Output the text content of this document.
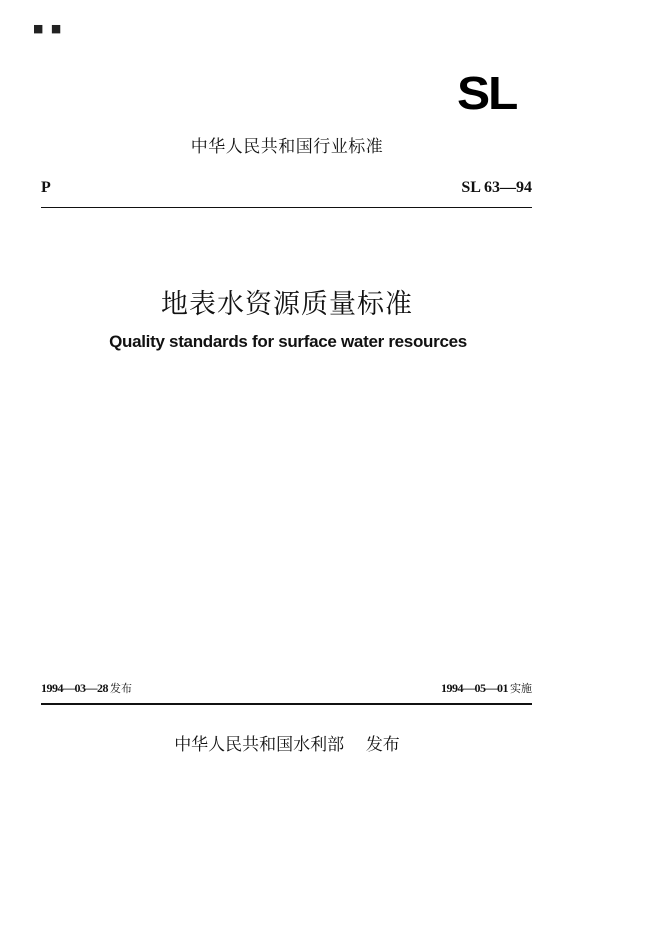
■ ■
SL
中华人民共和国行业标准
P	SL 63—94
地表水资源质量标准
Quality standards for surface water resources
1994—03—28 发布	1994—05—01 实施
中华人民共和国水利部 发布
